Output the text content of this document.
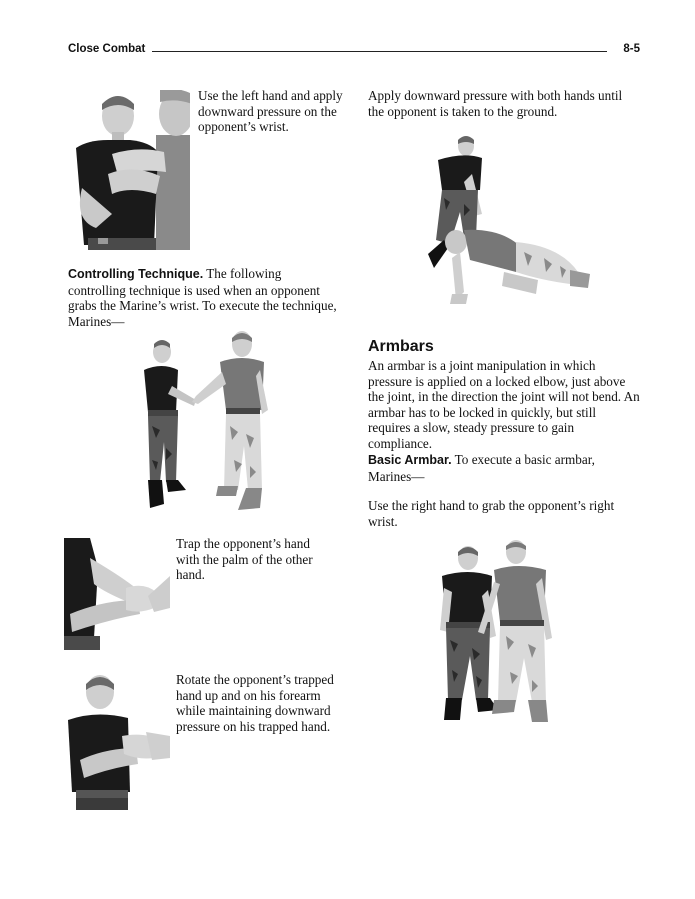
Close Combat	8-5
Use the left hand and apply downward pressure on the opponent’s wrist.
Controlling Technique. The following controlling technique is used when an opponent grabs the Marine’s wrist. To execute the technique, Marines—
Trap the opponent’s hand with the palm of the other hand.
Rotate the opponent’s trapped hand up and on his forearm while maintaining downward pressure on his trapped hand.
Apply downward pressure with both hands until the opponent is taken to the ground.
Armbars
An armbar is a joint manipulation in which pressure is applied on a locked elbow, just above the joint, in the direction the joint will not bend. An armbar has to be locked in quickly, but still requires a slow, steady pressure to gain compliance.
Basic Armbar. To execute a basic armbar, Marines—
Use the right hand to grab the opponent’s right wrist.
